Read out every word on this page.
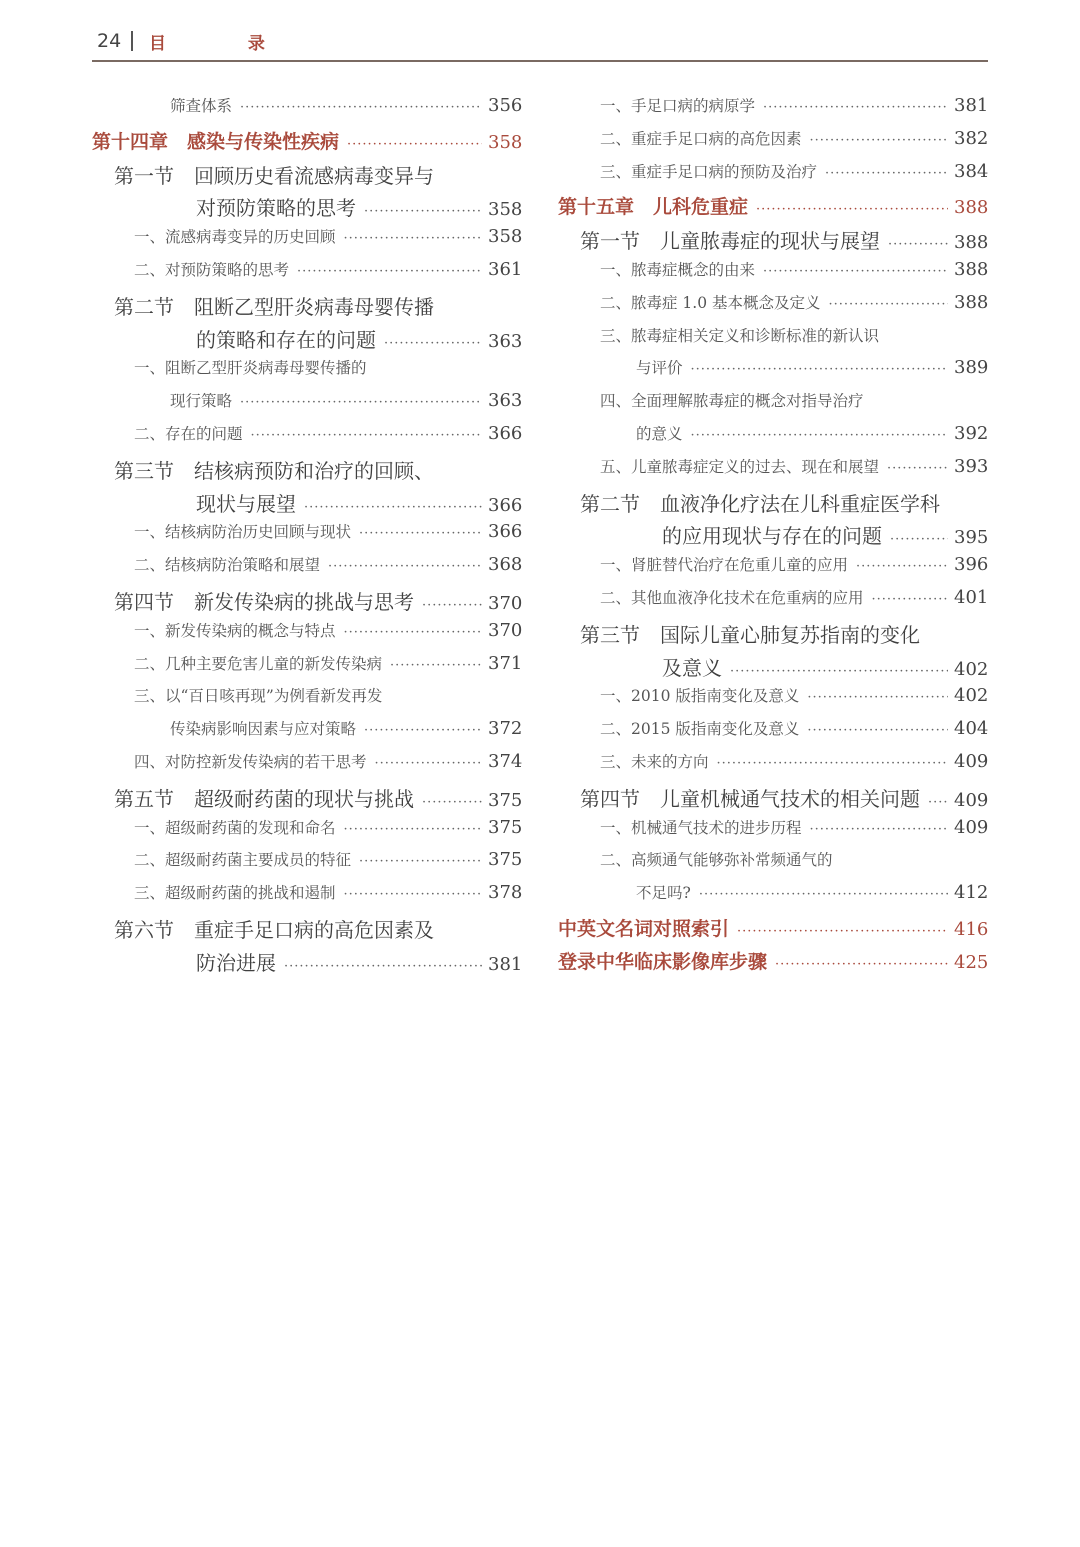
24 目 录
筛查体系 ·····	356
第十四章　感染与传染性疾病 ·····	358
第一节　回顾历史看流感病毒变异与
对预防策略的思考 ·····	358
一、流感病毒变异的历史回顾 ·····	358
二、对预防策略的思考 ·····	361
第二节　阻断乙型肝炎病毒母婴传播
的策略和存在的问题 ·····	363
一、阻断乙型肝炎病毒母婴传播的
现行策略 ·····	363
二、存在的问题 ·····	366
第三节　结核病预防和治疗的回顾、
现状与展望 ·····	366
一、结核病防治历史回顾与现状 ·····	366
二、结核病防治策略和展望 ·····	368
第四节　新发传染病的挑战与思考 ·····	370
一、新发传染病的概念与特点 ·····	370
二、几种主要危害儿童的新发传染病 ·····	371
三、以“百日咳再现”为例看新发再发
传染病影响因素与应对策略 ·····	372
四、对防控新发传染病的若干思考 ·····	374
第五节　超级耐药菌的现状与挑战 ·····	375
一、超级耐药菌的发现和命名 ·····	375
二、超级耐药菌主要成员的特征 ·····	375
三、超级耐药菌的挑战和遏制 ·····	378
第六节　重症手足口病的高危因素及
防治进展 ·····	381
一、手足口病的病原学 ·····	381
二、重症手足口病的高危因素 ·····	382
三、重症手足口病的预防及治疗 ·····	384
第十五章　儿科危重症 ·····	388
第一节　儿童脓毒症的现状与展望 ·····	388
一、脓毒症概念的由来 ·····	388
二、脓毒症 1.0 基本概念及定义 ·····	388
三、脓毒症相关定义和诊断标准的新认识
与评价 ·····	389
四、全面理解脓毒症的概念对指导治疗
的意义 ·····	392
五、儿童脓毒症定义的过去、现在和展望 ·····	393
第二节　血液净化疗法在儿科重症医学科
的应用现状与存在的问题 ·····	395
一、肾脏替代治疗在危重儿童的应用 ·····	396
二、其他血液净化技术在危重病的应用 ·····	401
第三节　国际儿童心肺复苏指南的变化
及意义 ·····	402
一、2010 版指南变化及意义 ·····	402
二、2015 版指南变化及意义 ·····	404
三、未来的方向 ·····	409
第四节　儿童机械通气技术的相关问题 ····· 409
一、机械通气技术的进步历程 ·····	409
二、高频通气能够弥补常频通气的
不足吗? ·····	412
中英文名词对照索引 ·····	416
登录中华临床影像库步骤 ·····	425
